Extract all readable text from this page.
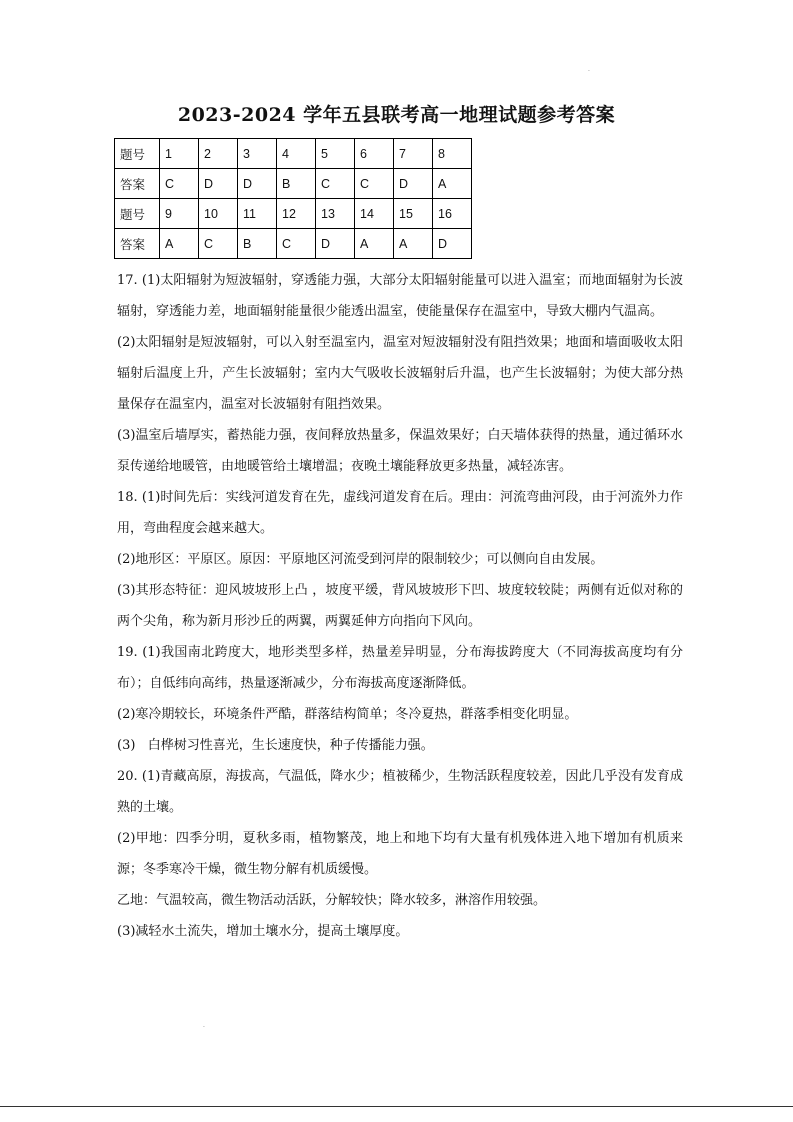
.
2023-2024 学年五县联考高一地理试题参考答案
题号	1	2	3	4	5	6	7	8
答案	C	D	D	B	C	C	D	A
题号	9	10	11	12	13	14	15	16
答案	A	C	B	C	D	A	A	D

17. (1)太阳辐射为短波辐射，穿透能力强，大部分太阳辐射能量可以进入温室；而地面辐射为长波辐射，穿透能力差，地面辐射能量很少能透出温室，使能量保存在温室中，导致大棚内气温高。

(2)太阳辐射是短波辐射，可以入射至温室内，温室对短波辐射没有阻挡效果；地面和墙面吸收太阳辐射后温度上升，产生长波辐射；室内大气吸收长波辐射后升温，也产生长波辐射；为使大部分热量保存在温室内，温室对长波辐射有阻挡效果。

(3)温室后墙厚实，蓄热能力强，夜间释放热量多，保温效果好；白天墙体获得的热量，通过循环水泵传递给地暖管，由地暖管给土壤增温；夜晚土壤能释放更多热量，减轻冻害。

18. (1)时间先后：实线河道发育在先，虚线河道发育在后。理由：河流弯曲河段，由于河流外力作用，弯曲程度会越来越大。

(2)地形区：平原区。原因：平原地区河流受到河岸的限制较少；可以侧向自由发展。

(3)其形态特征：迎风坡坡形上凸 ，坡度平缓，背风坡坡形下凹、坡度较较陡；两侧有近似对称的两个尖角，称为新月形沙丘的两翼，两翼延伸方向指向下风向。

19. (1)我国南北跨度大，地形类型多样，热量差异明显，分布海拔跨度大（不同海拔高度均有分布）；自低纬向高纬，热量逐渐减少，分布海拔高度逐渐降低。

(2)寒冷期较长，环境条件严酷，群落结构简单；冬冷夏热，群落季相变化明显。

(3)   白桦树习性喜光，生长速度快，种子传播能力强。

20. (1)青藏高原，海拔高，气温低，降水少；植被稀少，生物活跃程度较差，因此几乎没有发育成熟的土壤。

(2)甲地：四季分明，夏秋多雨，植物繁茂，地上和地下均有大量有机残体进入地下增加有机质来源；冬季寒冷干燥，微生物分解有机质缓慢。

乙地：气温较高，微生物活动活跃，分解较快；降水较多，淋溶作用较强。

(3)减轻水土流失，增加土壤水分，提高土壤厚度。

.
